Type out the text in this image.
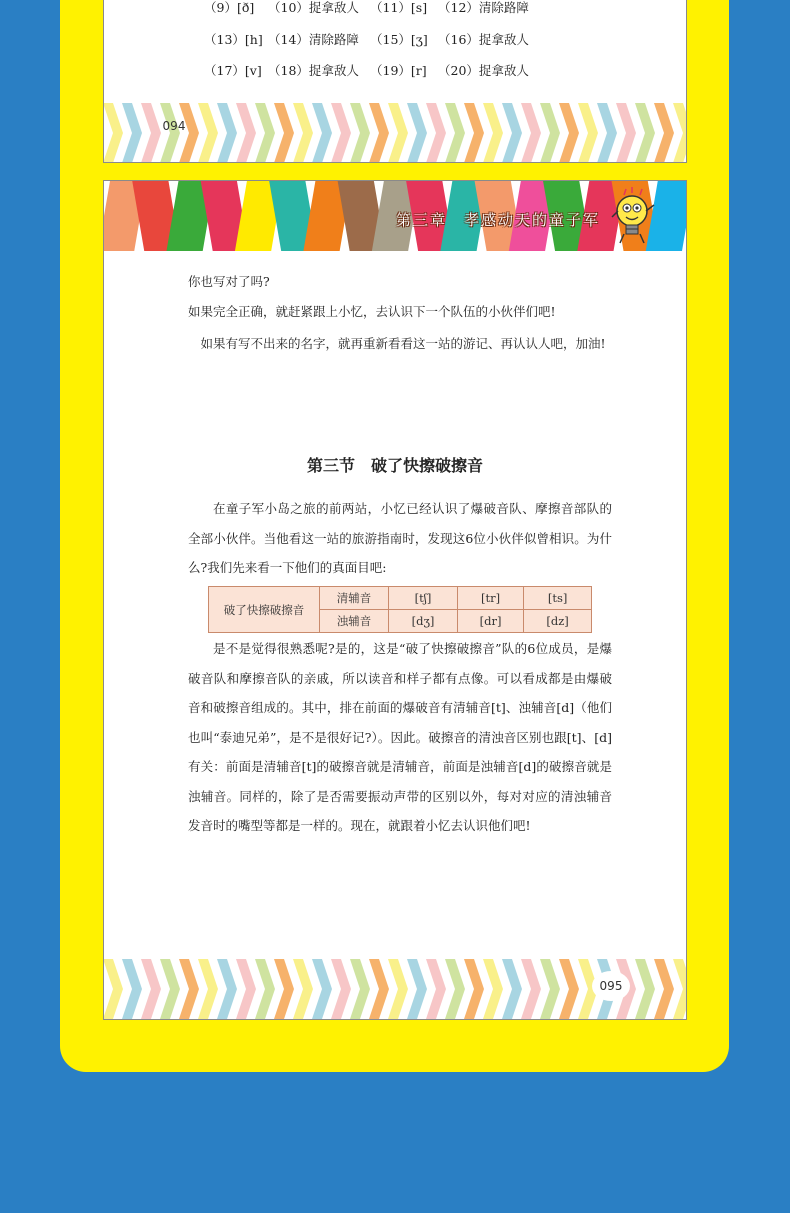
（9）[ð] （10）捉拿敌人 （11）[s] （12）清除路障
（13）[h] （14）清除路障 （15）[ʒ] （16）捉拿敌人
（17）[v] （18）捉拿敌人 （19）[r] （20）捉拿敌人
094
第三章　孝感动天的童子军

你也写对了吗?

如果完全正确，就赶紧跟上小忆，去认识下一个队伍的小伙伴们吧!

如果有写不出来的名字，就再重新看看这一站的游记、再认认人吧，加油!

第三节　破了快擦破擦音

在童子军小岛之旅的前两站，小忆已经认识了爆破音队、摩擦音部队的全部小伙伴。当他看这一站的旅游指南时，发现这6位小伙伴似曾相识。为什么?我们先来看一下他们的真面目吧:

破了快擦破擦音	清辅音	[tʃ]	[tr]	[ts]
	浊辅音	[dʒ]	[dr]	[dz]

是不是觉得很熟悉呢?是的，这是“破了快擦破擦音”队的6位成员，是爆破音队和摩擦音队的亲戚，所以读音和样子都有点像。可以看成都是由爆破音和破擦音组成的。其中，排在前面的爆破音有清辅音[t]、浊辅音[d]（他们也叫“泰迪兄弟”，是不是很好记?）。因此。破擦音的清浊音区别也跟[t]、[d]有关：前面是清辅音[t]的破擦音就是清辅音，前面是浊辅音[d]的破擦音就是浊辅音。同样的，除了是否需要振动声带的区别以外，每对对应的清浊辅音发音时的嘴型等都是一样的。现在，就跟着小忆去认识他们吧!

095
